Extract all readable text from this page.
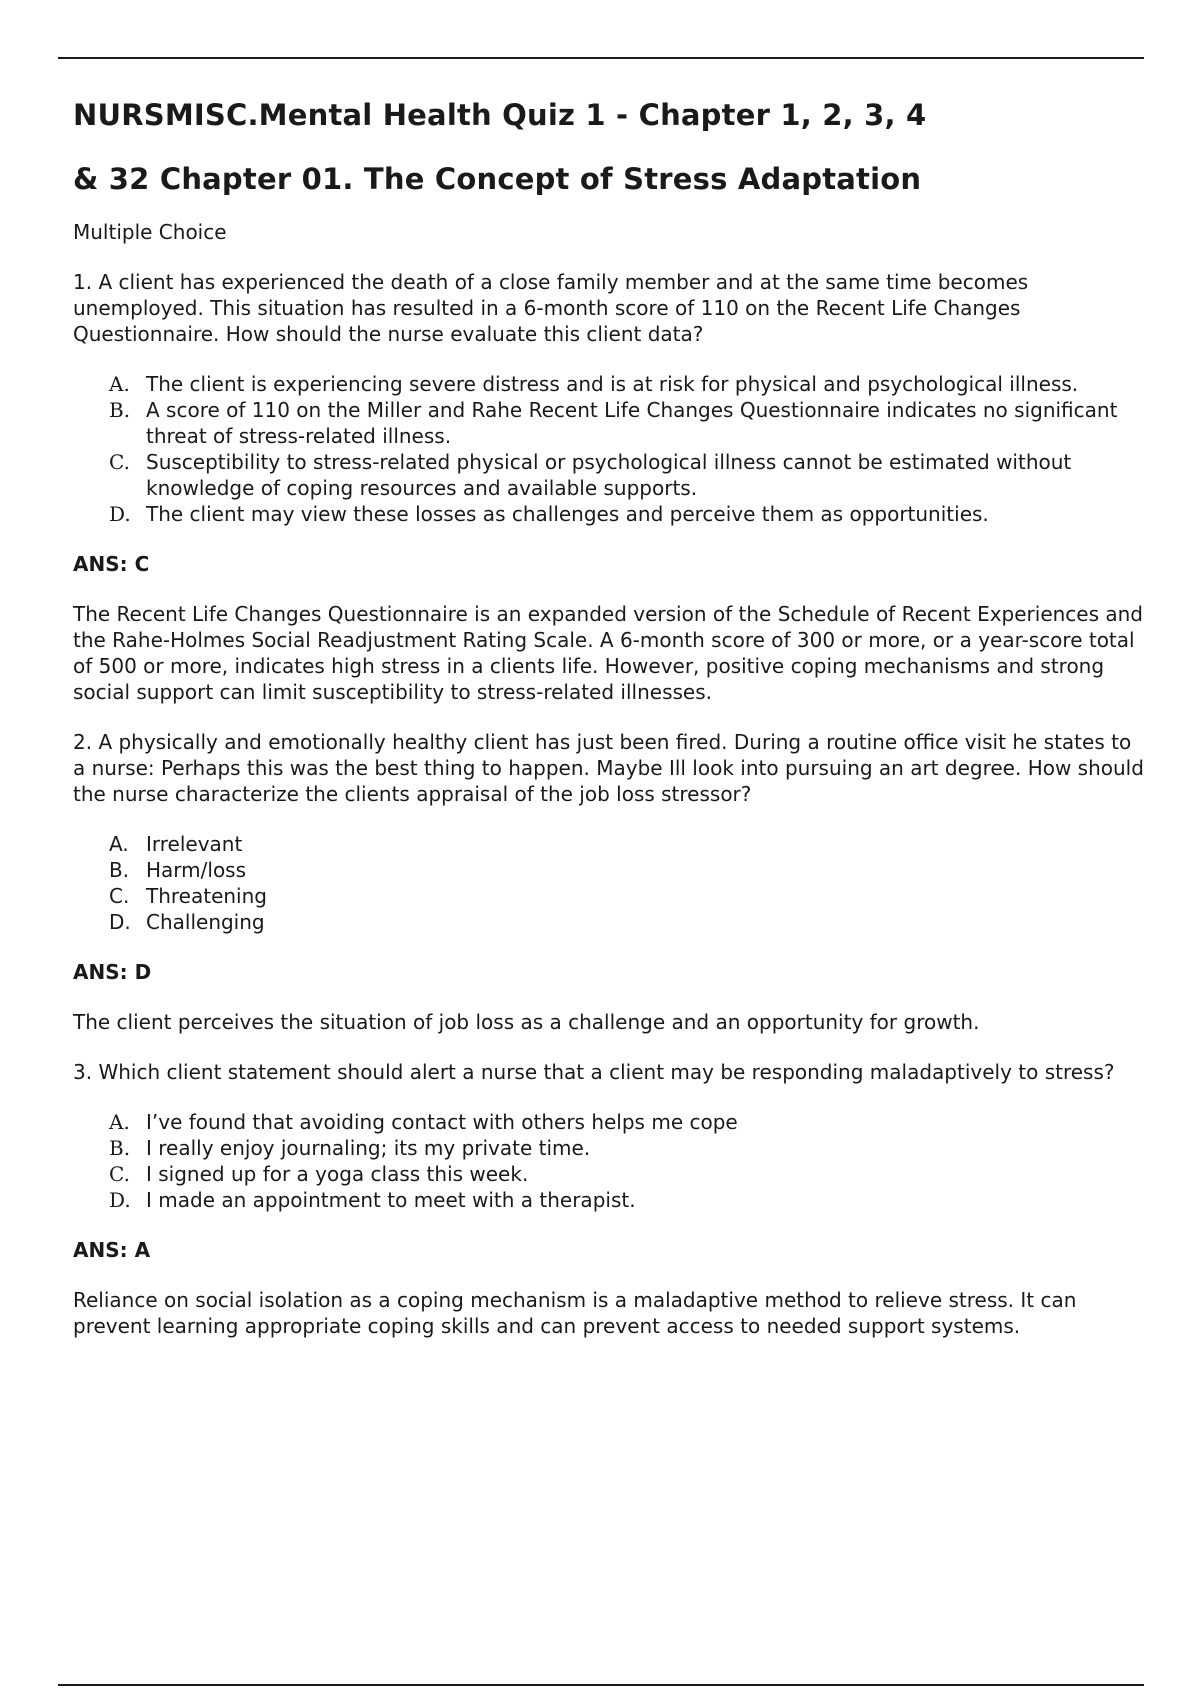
NURSMISC.Mental Health Quiz 1 - Chapter 1, 2, 3, 4
& 32 Chapter 01. The Concept of Stress Adaptation
Multiple Choice

1. A client has experienced the death of a close family member and at the same time becomes unemployed. This situation has resulted in a 6-month score of 110 on the Recent Life Changes Questionnaire. How should the nurse evaluate this client data?

A. The client is experiencing severe distress and is at risk for physical and psychological illness.
B. A score of 110 on the Miller and Rahe Recent Life Changes Questionnaire indicates no significant threat of stress-related illness.
C. Susceptibility to stress-related physical or psychological illness cannot be estimated without knowledge of coping resources and available supports.
D. The client may view these losses as challenges and perceive them as opportunities.
ANS: C

The Recent Life Changes Questionnaire is an expanded version of the Schedule of Recent Experiences and the Rahe-Holmes Social Readjustment Rating Scale. A 6-month score of 300 or more, or a year-score total of 500 or more, indicates high stress in a clients life. However, positive coping mechanisms and strong social support can limit susceptibility to stress-related illnesses.

2. A physically and emotionally healthy client has just been fired. During a routine office visit he states to a nurse: Perhaps this was the best thing to happen. Maybe Ill look into pursuing an art degree. How should the nurse characterize the clients appraisal of the job loss stressor?

A. Irrelevant
B. Harm/loss
C. Threatening
D. Challenging
ANS: D

The client perceives the situation of job loss as a challenge and an opportunity for growth.

3. Which client statement should alert a nurse that a client may be responding maladaptively to stress?

A. I’ve found that avoiding contact with others helps me cope
B. I really enjoy journaling; its my private time.
C. I signed up for a yoga class this week.
D. I made an appointment to meet with a therapist.
ANS: A

Reliance on social isolation as a coping mechanism is a maladaptive method to relieve stress. It can prevent learning appropriate coping skills and can prevent access to needed support systems.
